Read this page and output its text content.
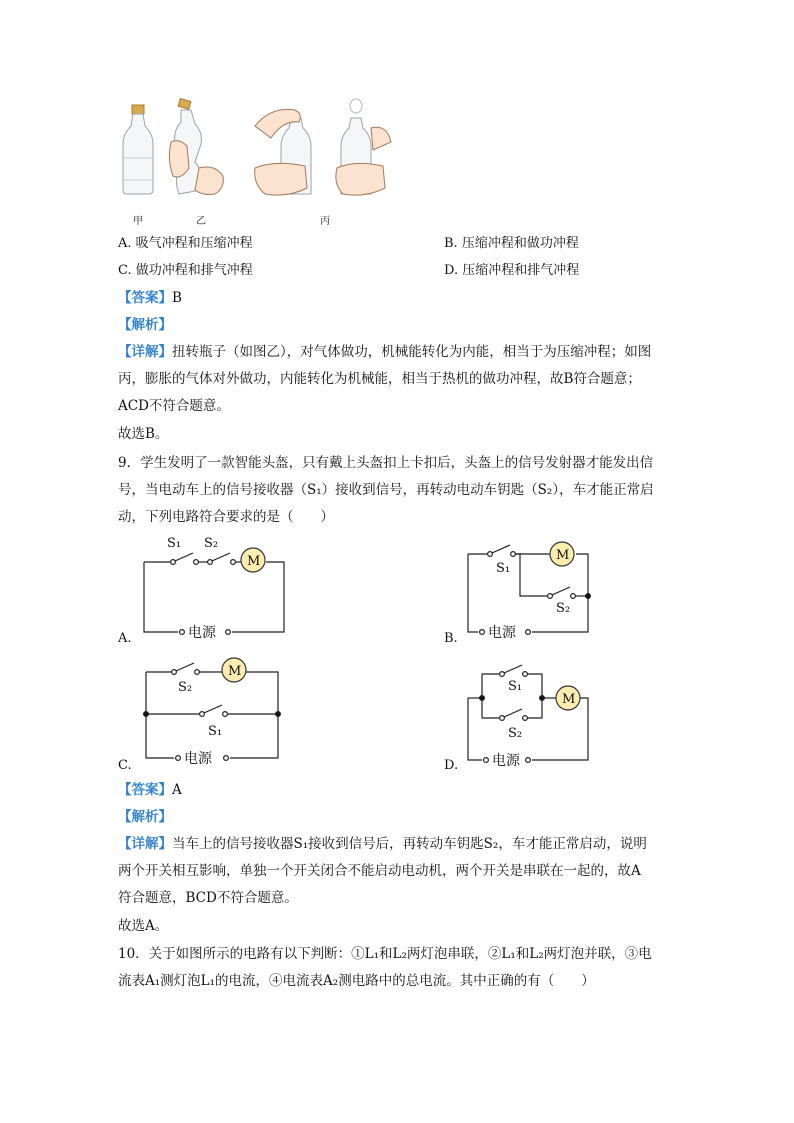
甲	乙	丙
A. 吸气冲程和压缩冲程	B. 压缩冲程和做功冲程
C. 做功冲程和排气冲程	D. 压缩冲程和排气冲程
【答案】B
【解析】
【详解】扭转瓶子（如图乙），对气体做功，机械能转化为内能，相当于为压缩冲程；如图
丙，膨胀的气体对外做功，内能转化为机械能，相当于热机的做功冲程，故B符合题意；
ACD不符合题意。
故选B。
9．学生发明了一款智能头盔，只有戴上头盔扣上卡扣后，头盔上的信号发射器才能发出信
号，当电动车上的信号接收器（S₁）接收到信号，再转动电动车钥匙（S₂），车才能正常启
动，下列电路符合要求的是（　　）
S₁ S₂
M
电源
A.
S₁
S₂
M
电源
B.
S₂
S₁
M
电源
C.
S₁
S₂
M
电源
D.
【答案】A
【解析】
【详解】当车上的信号接收器S₁接收到信号后，再转动车钥匙S₂，车才能正常启动，说明
两个开关相互影响，单独一个开关闭合不能启动电动机，两个开关是串联在一起的，故A
符合题意，BCD不符合题意。
故选A。
10．关于如图所示的电路有以下判断：①L₁和L₂两灯泡串联，②L₁和L₂两灯泡并联，③电
流表A₁测灯泡L₁的电流，④电流表A₂测电路中的总电流。其中正确的有（　　）
